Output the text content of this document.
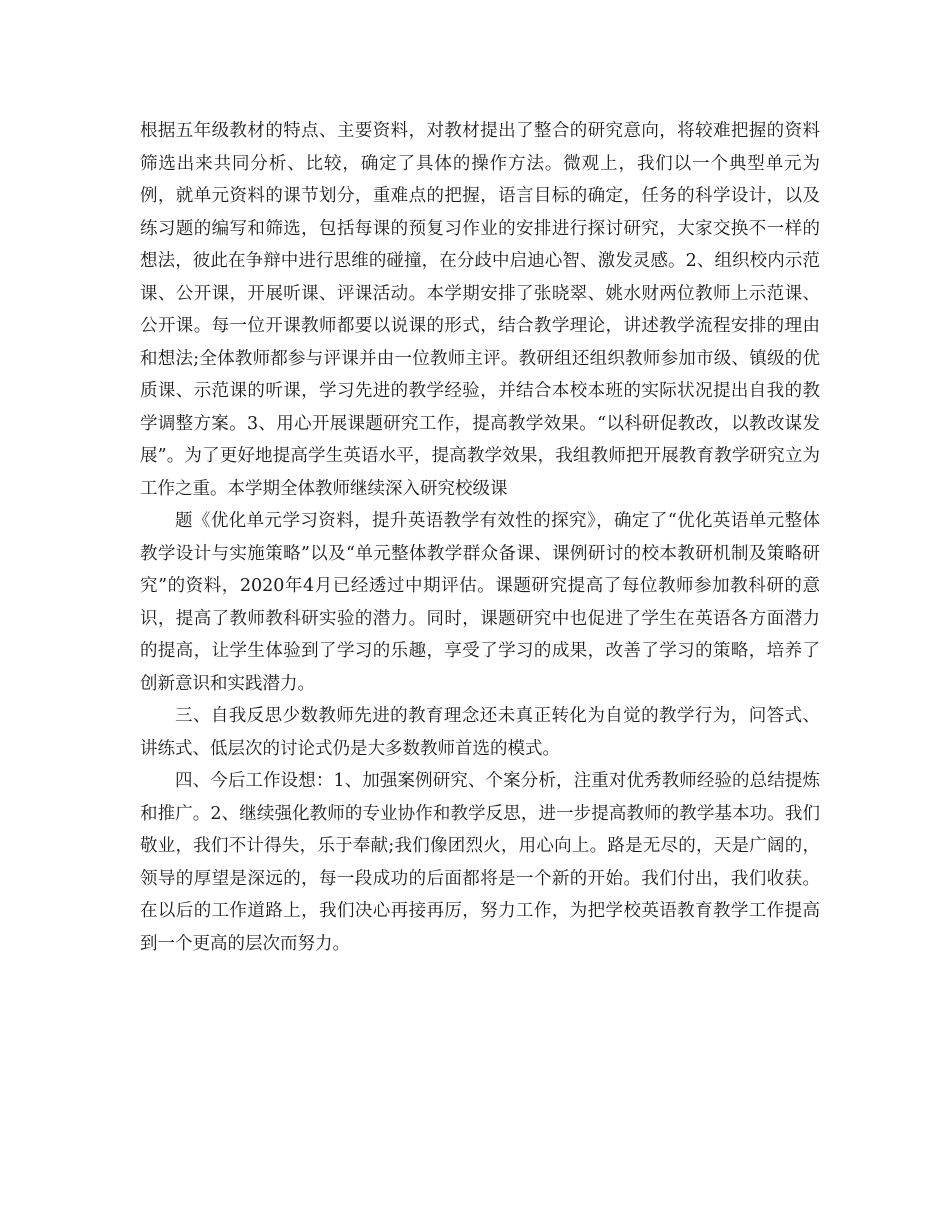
根据五年级教材的特点、主要资料，对教材提出了整合的研究意向，将较难把握的资料筛选出来共同分析、比较，确定了具体的操作方法。微观上，我们以一个典型单元为例，就单元资料的课节划分，重难点的把握，语言目标的确定，任务的科学设计，以及练习题的编写和筛选，包括每课的预复习作业的安排进行探讨研究，大家交换不一样的想法，彼此在争辩中进行思维的碰撞，在分歧中启迪心智、激发灵感。2、组织校内示范课、公开课，开展听课、评课活动。本学期安排了张晓翠、姚水财两位教师上示范课、公开课。每一位开课教师都要以说课的形式，结合教学理论，讲述教学流程安排的理由和想法;全体教师都参与评课并由一位教师主评。教研组还组织教师参加市级、镇级的优质课、示范课的听课，学习先进的教学经验，并结合本校本班的实际状况提出自我的教学调整方案。3、用心开展课题研究工作，提高教学效果。“以科研促教改，以教改谋发展”。为了更好地提高学生英语水平，提高教学效果，我组教师把开展教育教学研究立为工作之重。本学期全体教师继续深入研究校级课

题《优化单元学习资料，提升英语教学有效性的探究》，确定了“优化英语单元整体教学设计与实施策略”以及“单元整体教学群众备课、课例研讨的校本教研机制及策略研究”的资料，2020年4月已经透过中期评估。课题研究提高了每位教师参加教科研的意识，提高了教师教科研实验的潜力。同时，课题研究中也促进了学生在英语各方面潜力的提高，让学生体验到了学习的乐趣，享受了学习的成果，改善了学习的策略，培养了创新意识和实践潜力。

三、自我反思少数教师先进的教育理念还未真正转化为自觉的教学行为，问答式、讲练式、低层次的讨论式仍是大多数教师首选的模式。

四、今后工作设想：1、加强案例研究、个案分析，注重对优秀教师经验的总结提炼和推广。2、继续强化教师的专业协作和教学反思，进一步提高教师的教学基本功。我们敬业，我们不计得失，乐于奉献;我们像团烈火，用心向上。路是无尽的，天是广阔的，领导的厚望是深远的，每一段成功的后面都将是一个新的开始。我们付出，我们收获。在以后的工作道路上，我们决心再接再厉，努力工作，为把学校英语教育教学工作提高到一个更高的层次而努力。
